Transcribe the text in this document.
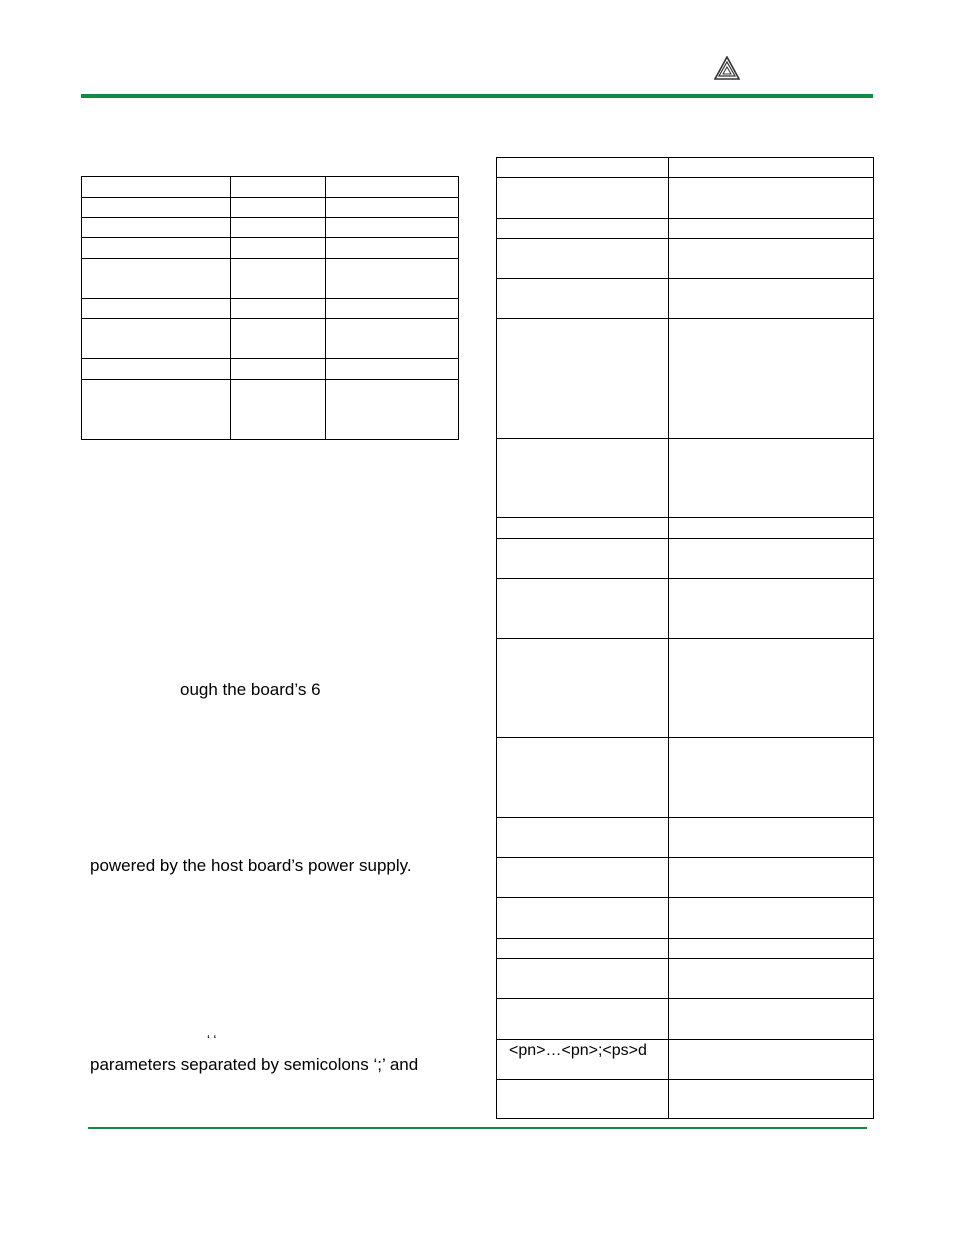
ough the board’s 6
powered by the host board’s power supply.
‘ ‘
parameters separated by semicolons ‘;’ and

<pn>…<pn>;<ps>d	
